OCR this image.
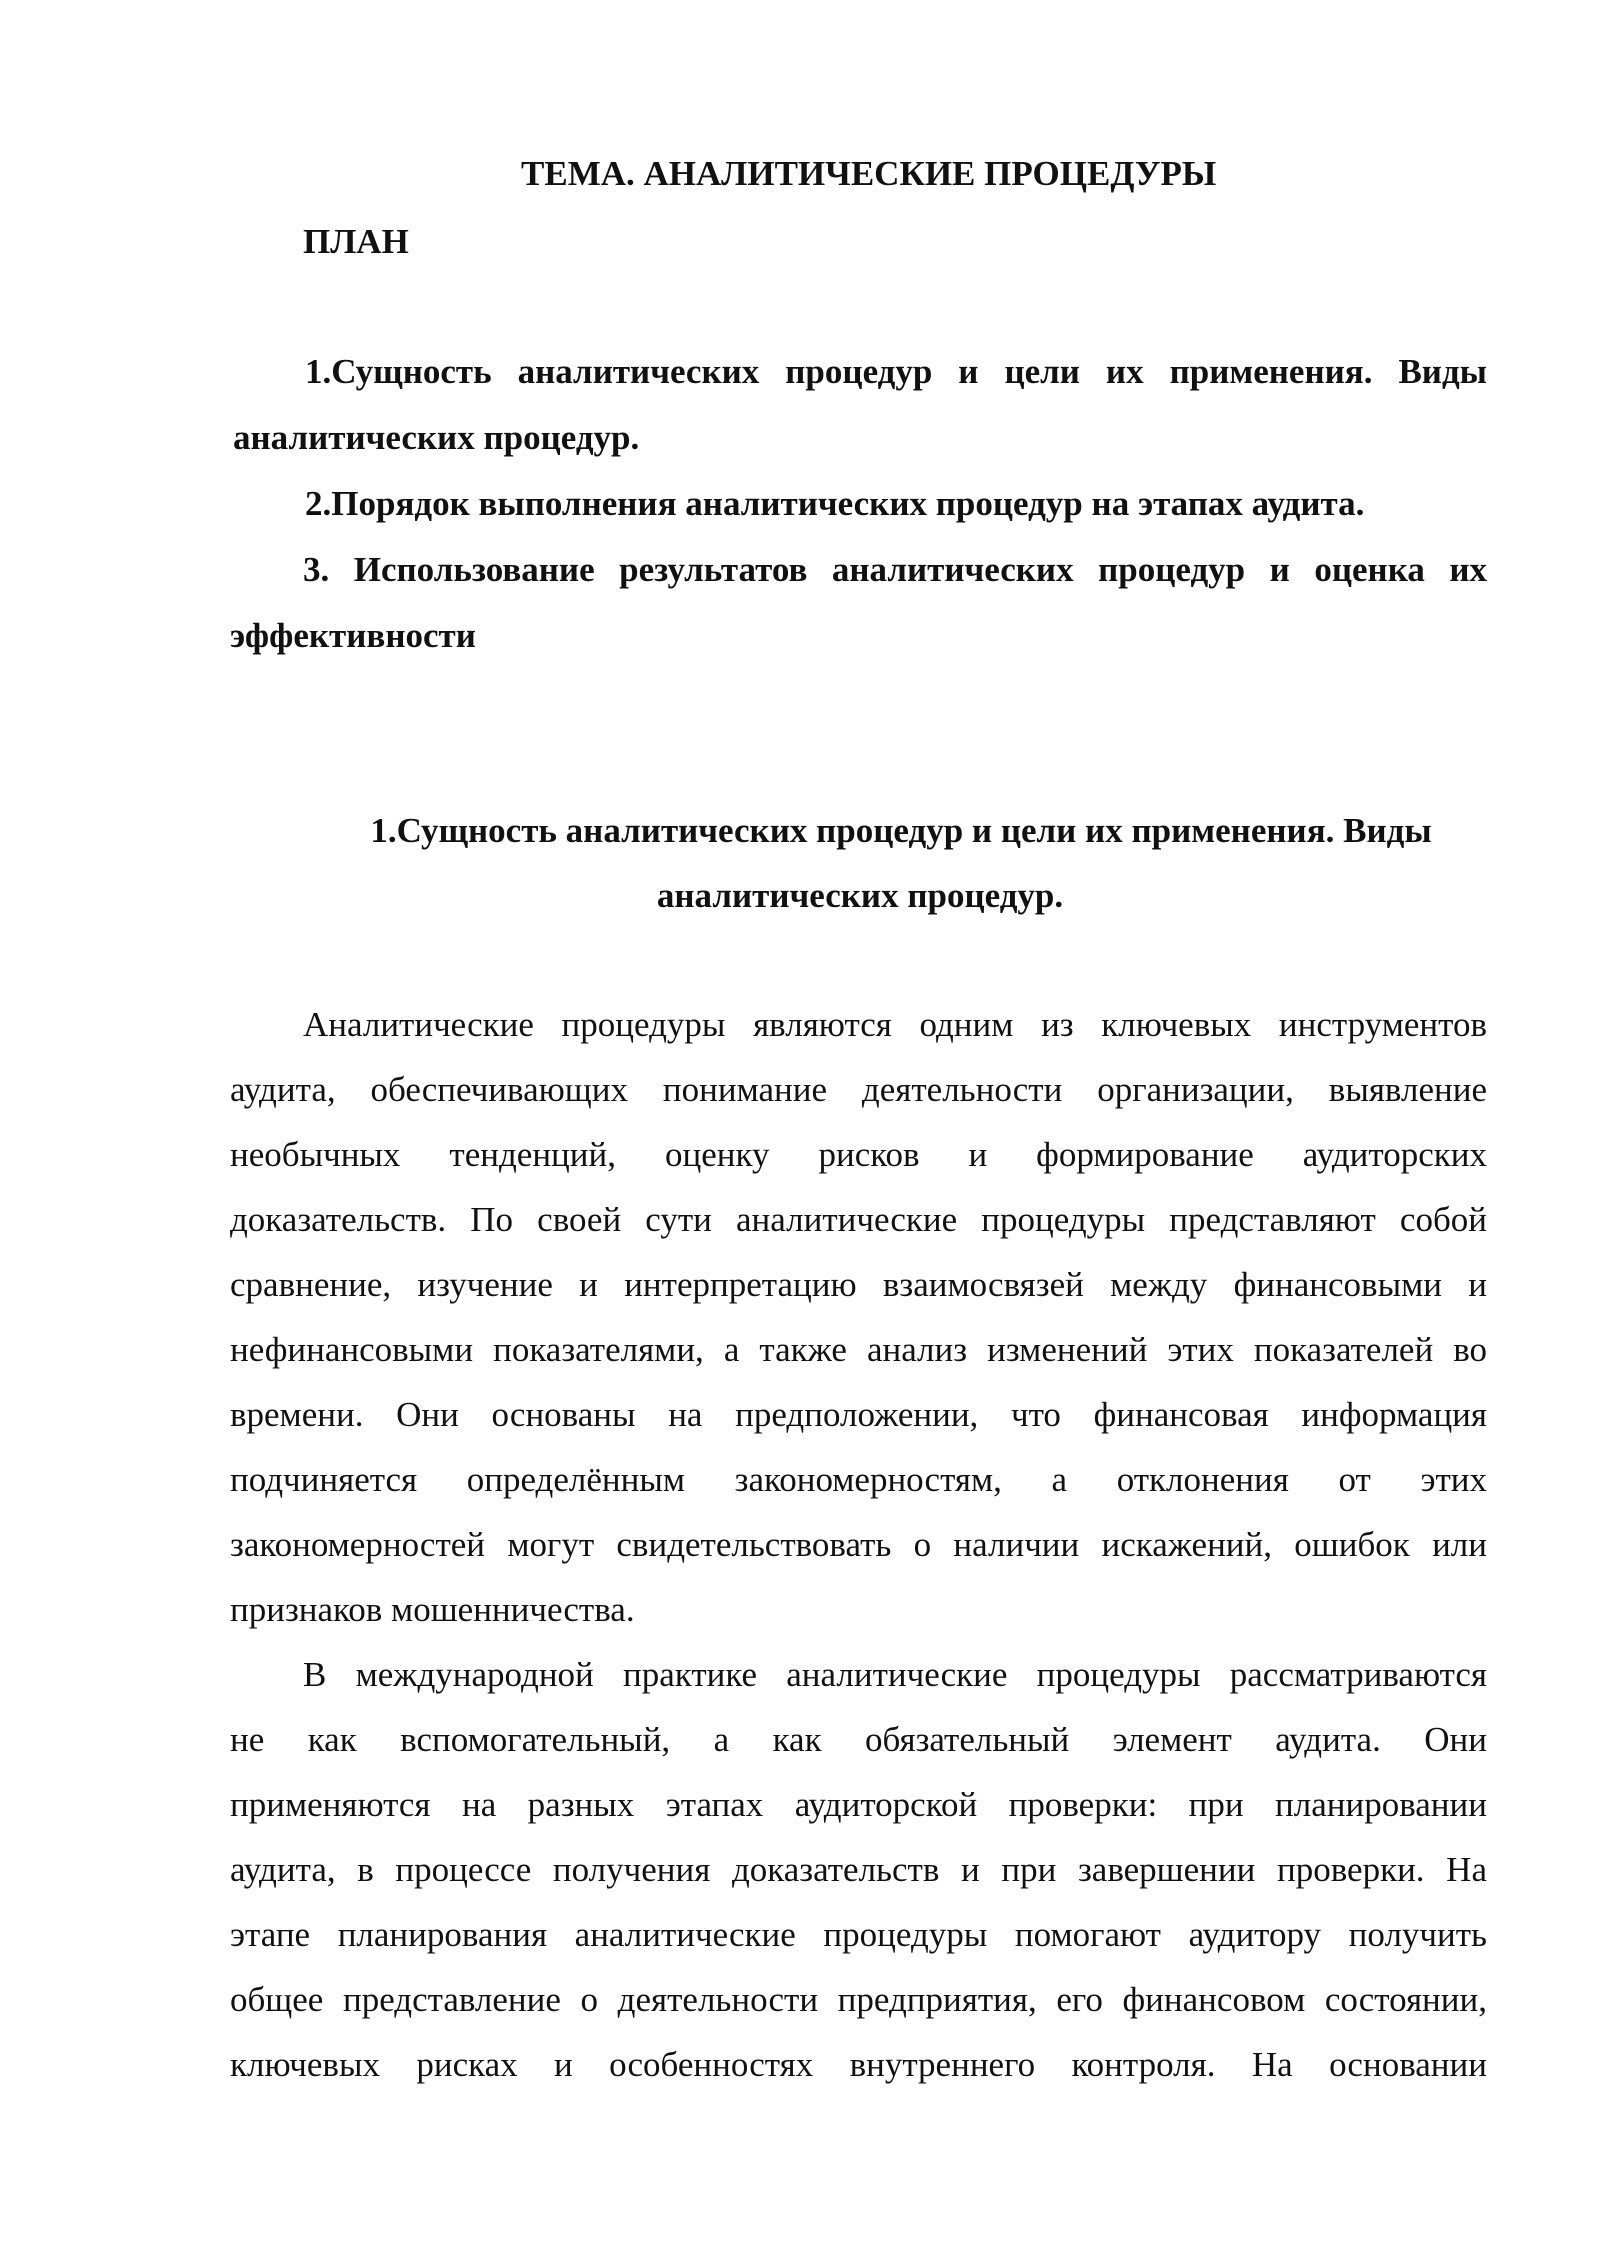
ТЕМА. АНАЛИТИЧЕСКИЕ ПРОЦЕДУРЫ
ПЛАН
1.Сущность аналитических процедур и цели их применения. Виды
аналитических процедур.
2.Порядок выполнения аналитических процедур на этапах аудита.
3. Использование результатов аналитических процедур и оценка их
эффективности
1.Сущность аналитических процедур и цели их применения. Виды
аналитических процедур.
Аналитические процедуры являются одним из ключевых инструментов
аудита, обеспечивающих понимание деятельности организации, выявление
необычных тенденций, оценку рисков и формирование аудиторских
доказательств. По своей сути аналитические процедуры представляют собой
сравнение, изучение и интерпретацию взаимосвязей между финансовыми и
нефинансовыми показателями, а также анализ изменений этих показателей во
времени. Они основаны на предположении, что финансовая информация
подчиняется определённым закономерностям, а отклонения от этих
закономерностей могут свидетельствовать о наличии искажений, ошибок или
признаков мошенничества.
В международной практике аналитические процедуры рассматриваются
не как вспомогательный, а как обязательный элемент аудита. Они
применяются на разных этапах аудиторской проверки: при планировании
аудита, в процессе получения доказательств и при завершении проверки. На
этапе планирования аналитические процедуры помогают аудитору получить
общее представление о деятельности предприятия, его финансовом состоянии,
ключевых рисках и особенностях внутреннего контроля. На основании
